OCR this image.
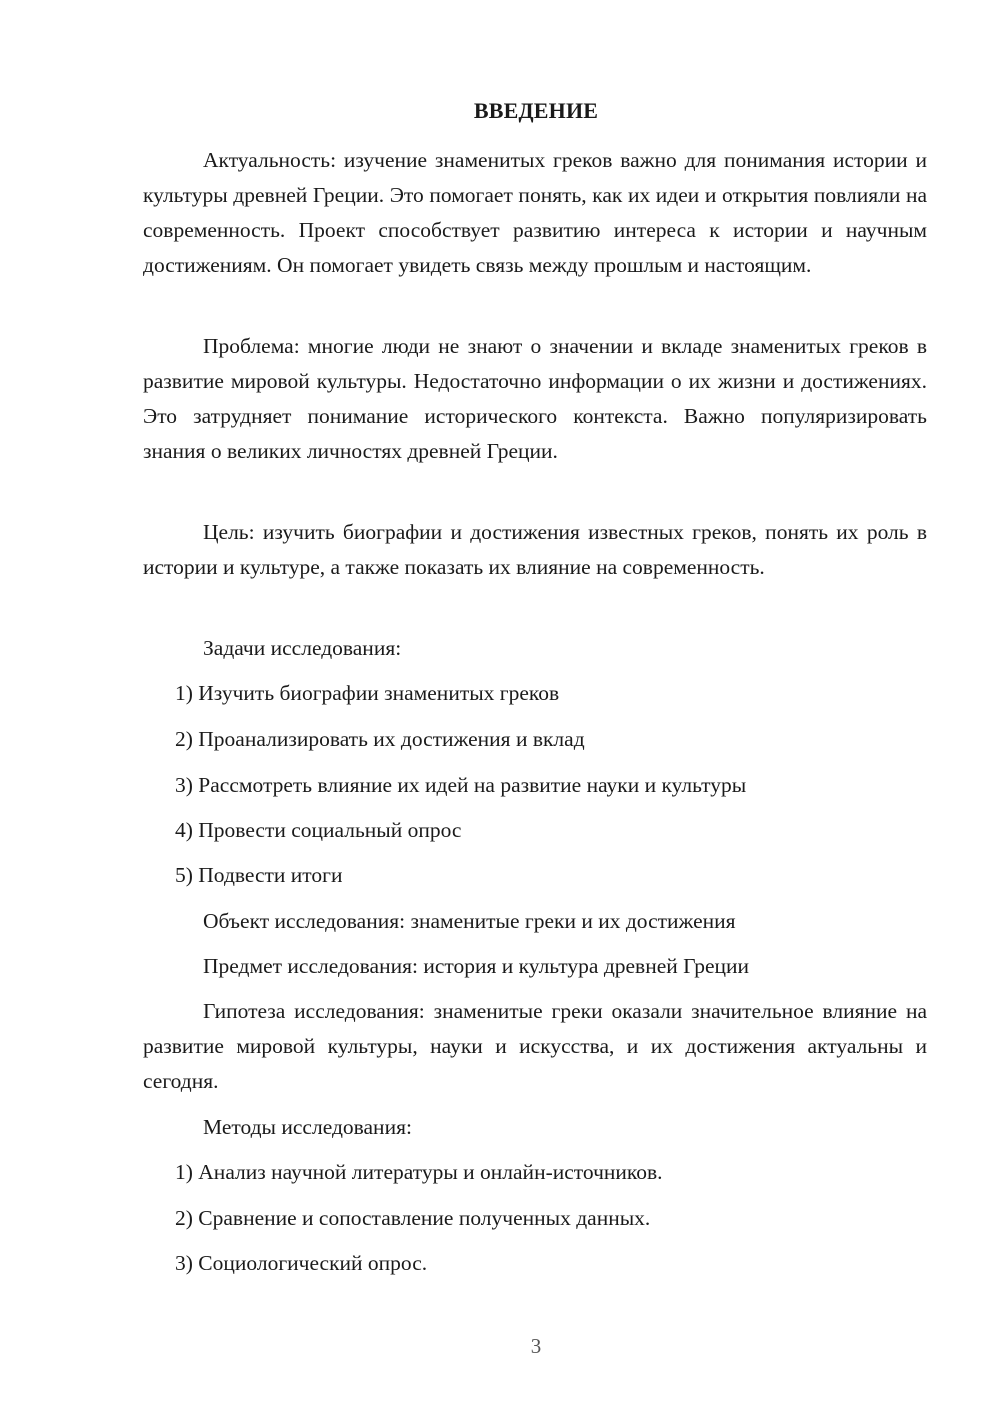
ВВЕДЕНИЕ

Актуальность: изучение знаменитых греков важно для понимания истории и культуры древней Греции. Это помогает понять, как их идеи и открытия повлияли на современность. Проект способствует развитию интереса к истории и научным достижениям. Он помогает увидеть связь между прошлым и настоящим.

Проблема: многие люди не знают о значении и вкладе знаменитых греков в развитие мировой культуры. Недостаточно информации о их жизни и достижениях. Это затрудняет понимание исторического контекста. Важно популяризировать знания о великих личностях древней Греции.

Цель: изучить биографии и достижения известных греков, понять их роль в истории и культуре, а также показать их влияние на современность.

Задачи исследования:

1) Изучить биографии знаменитых греков

2) Проанализировать их достижения и вклад

3) Рассмотреть влияние их идей на развитие науки и культуры

4) Провести социальный опрос

5) Подвести итоги

Объект исследования: знаменитые греки и их достижения

Предмет исследования: история и культура древней Греции

Гипотеза исследования: знаменитые греки оказали значительное влияние на развитие мировой культуры, науки и искусства, и их достижения актуальны и сегодня.

Методы исследования:

1) Анализ научной литературы и онлайн-источников.

2) Сравнение и сопоставление полученных данных.

3) Социологический опрос.

3
